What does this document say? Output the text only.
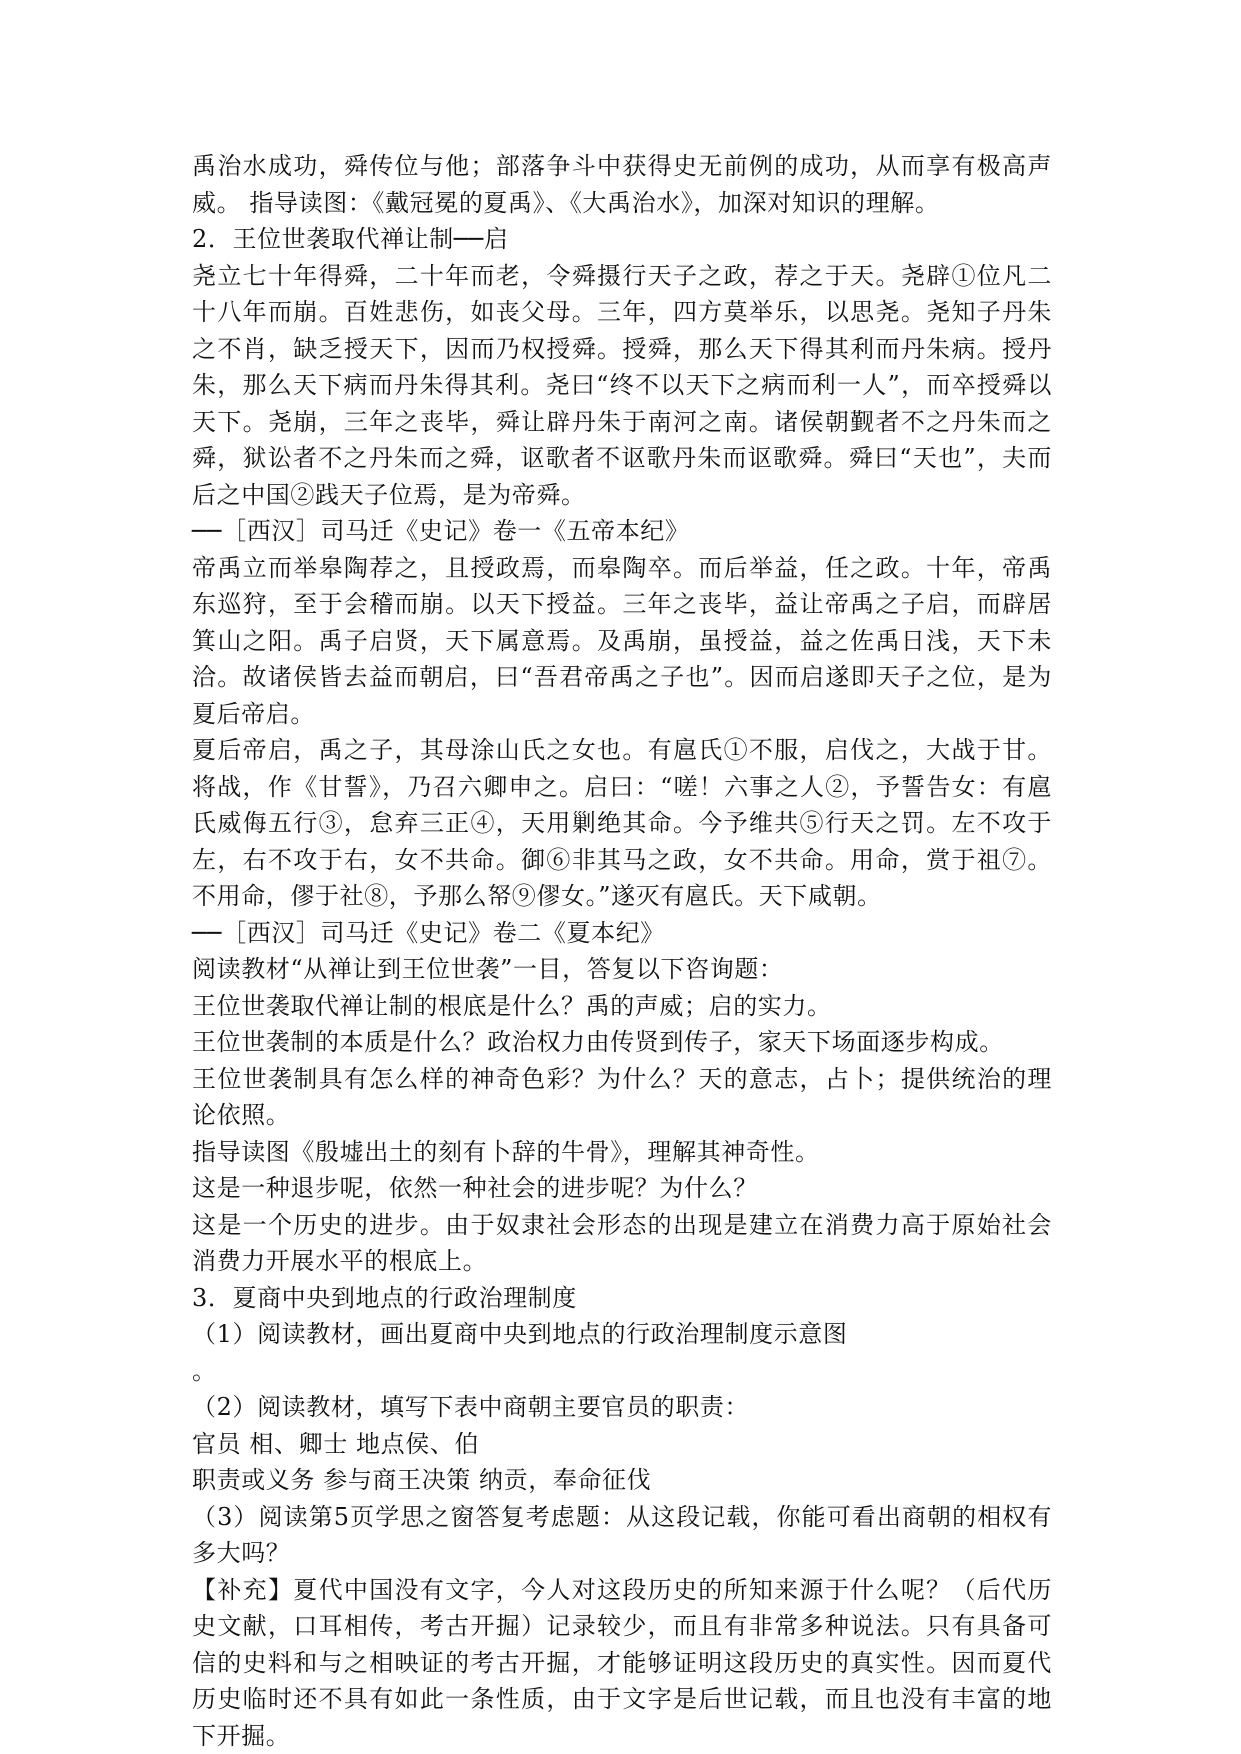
禹治水成功，舜传位与他；部落争斗中获得史无前例的成功，从而享有极高声威。 指导读图：《戴冠冕的夏禹》、《大禹治水》，加深对知识的理解。

2．王位世袭取代禅让制──启

尧立七十年得舜，二十年而老，令舜摄行天子之政，荐之于天。尧辟①位凡二十八年而崩。百姓悲伤，如丧父母。三年，四方莫举乐，以思尧。尧知子丹朱之不肖，缺乏授天下，因而乃权授舜。授舜，那么天下得其利而丹朱病。授丹朱，那么天下病而丹朱得其利。尧曰“终不以天下之病而利一人”，而卒授舜以天下。尧崩，三年之丧毕，舜让辟丹朱于南河之南。诸侯朝觐者不之丹朱而之舜，狱讼者不之丹朱而之舜，讴歌者不讴歌丹朱而讴歌舜。舜曰“天也”，夫而后之中国②践天子位焉，是为帝舜。

──［西汉］司马迁《史记》卷一《五帝本纪》

帝禹立而举皋陶荐之，且授政焉，而皋陶卒。而后举益，任之政。十年，帝禹东巡狩，至于会稽而崩。以天下授益。三年之丧毕，益让帝禹之子启，而辟居箕山之阳。禹子启贤，天下属意焉。及禹崩，虽授益，益之佐禹日浅，天下未洽。故诸侯皆去益而朝启，曰“吾君帝禹之子也”。因而启遂即天子之位，是为夏后帝启。

夏后帝启，禹之子，其母涂山氏之女也。有扈氏①不服，启伐之，大战于甘。将战，作《甘誓》，乃召六卿申之。启曰：“嗟！六事之人②，予誓告女：有扈氏威侮五行③，怠弃三正④，天用剿绝其命。今予维共⑤行天之罚。左不攻于左，右不攻于右，女不共命。御⑥非其马之政，女不共命。用命，赏于祖⑦。不用命，僇于社⑧，予那么帑⑨僇女。”遂灭有扈氏。天下咸朝。

──［西汉］司马迁《史记》卷二《夏本纪》

阅读教材“从禅让到王位世袭”一目，答复以下咨询题：

王位世袭取代禅让制的根底是什么？禹的声威；启的实力。

王位世袭制的本质是什么？政治权力由传贤到传子，家天下场面逐步构成。

王位世袭制具有怎么样的神奇色彩？为什么？天的意志，占卜；提供统治的理论依照。

指导读图《殷墟出土的刻有卜辞的牛骨》，理解其神奇性。

这是一种退步呢，依然一种社会的进步呢？为什么？

这是一个历史的进步。由于奴隶社会形态的出现是建立在消费力高于原始社会消费力开展水平的根底上。

3．夏商中央到地点的行政治理制度

（1）阅读教材，画出夏商中央到地点的行政治理制度示意图

。

（2）阅读教材，填写下表中商朝主要官员的职责：

官员 相、卿士 地点侯、伯

职责或义务 参与商王决策 纳贡，奉命征伐

（3）阅读第5页学思之窗答复考虑题：从这段记载，你能可看出商朝的相权有多大吗？

【补充】夏代中国没有文字，今人对这段历史的所知来源于什么呢？（后代历史文献，口耳相传，考古开掘）记录较少，而且有非常多种说法。只有具备可信的史料和与之相映证的考古开掘，才能够证明这段历史的真实性。因而夏代历史临时还不具有如此一条性质，由于文字是后世记载，而且也没有丰富的地下开掘。
